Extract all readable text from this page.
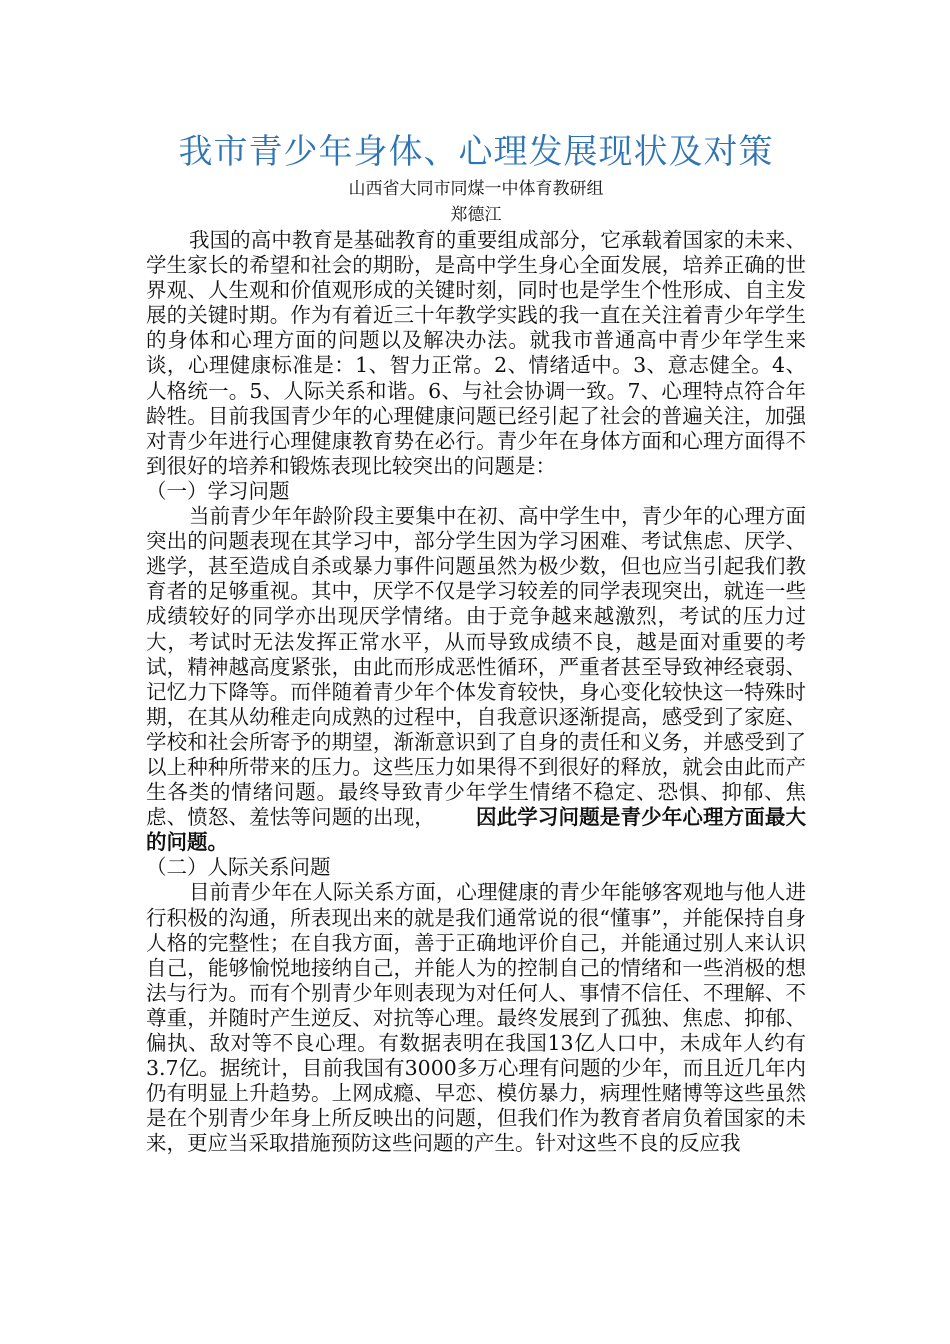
我市青少年身体、心理发展现状及对策

山西省大同市同煤一中体育教研组

郑德江

我国的高中教育是基础教育的重要组成部分，它承载着国家的未来、学生家长的希望和社会的期盼，是高中学生身心全面发展，培养正确的世界观、人生观和价值观形成的关键时刻，同时也是学生个性形成、自主发展的关键时期。作为有着近三十年教学实践的我一直在关注着青少年学生的身体和心理方面的问题以及解决办法。就我市普通高中青少年学生来谈，心理健康标准是：1、智力正常。2、情绪适中。3、意志健全。4、人格统一。5、人际关系和谐。6、与社会协调一致。7、心理特点符合年龄牲。目前我国青少年的心理健康问题已经引起了社会的普遍关注，加强对青少年进行心理健康教育势在必行。青少年在身体方面和心理方面得不到很好的培养和锻炼表现比较突出的问题是：

（一）学习问题

当前青少年年龄阶段主要集中在初、高中学生中，青少年的心理方面突出的问题表现在其学习中，部分学生因为学习困难、考试焦虑、厌学、逃学，甚至造成自杀或暴力事件问题虽然为极少数，但也应当引起我们教育者的足够重视。其中，厌学不仅是学习较差的同学表现突出，就连一些成绩较好的同学亦出现厌学情绪。由于竞争越来越激烈，考试的压力过大，考试时无法发挥正常水平，从而导致成绩不良，越是面对重要的考试，精神越高度紧张，由此而形成恶性循环，严重者甚至导致神经衰弱、记忆力下降等。而伴随着青少年个体发育较快，身心变化较快这一特殊时期，在其从幼稚走向成熟的过程中，自我意识逐渐提高，感受到了家庭、学校和社会所寄予的期望，渐渐意识到了自身的责任和义务，并感受到了以上种种所带来的压力。这些压力如果得不到很好的释放，就会由此而产生各类的情绪问题。最终导致青少年学生情绪不稳定、恐惧、抑郁、焦虑、愤怒、羞怯等问题的出现，   因此学习问题是青少年心理方面最大的问题。

（二）人际关系问题

目前青少年在人际关系方面，心理健康的青少年能够客观地与他人进行积极的沟通，所表现出来的就是我们通常说的很“懂事”，并能保持自身人格的完整性；在自我方面，善于正确地评价自己，并能通过别人来认识自己，能够愉悦地接纳自己，并能人为的控制自己的情绪和一些消极的想法与行为。而有个别青少年则表现为对任何人、事情不信任、不理解、不尊重，并随时产生逆反、对抗等心理。最终发展到了孤独、焦虑、抑郁、偏执、敌对等不良心理。有数据表明在我国13亿人口中，未成年人约有3.7亿。据统计，目前我国有3000多万心理有问题的少年，而且近几年内仍有明显上升趋势。上网成瘾、早恋、模仿暴力，病理性赌博等这些虽然是在个别青少年身上所反映出的问题，但我们作为教育者肩负着国家的未来，更应当采取措施预防这些问题的产生。针对这些不良的反应我
